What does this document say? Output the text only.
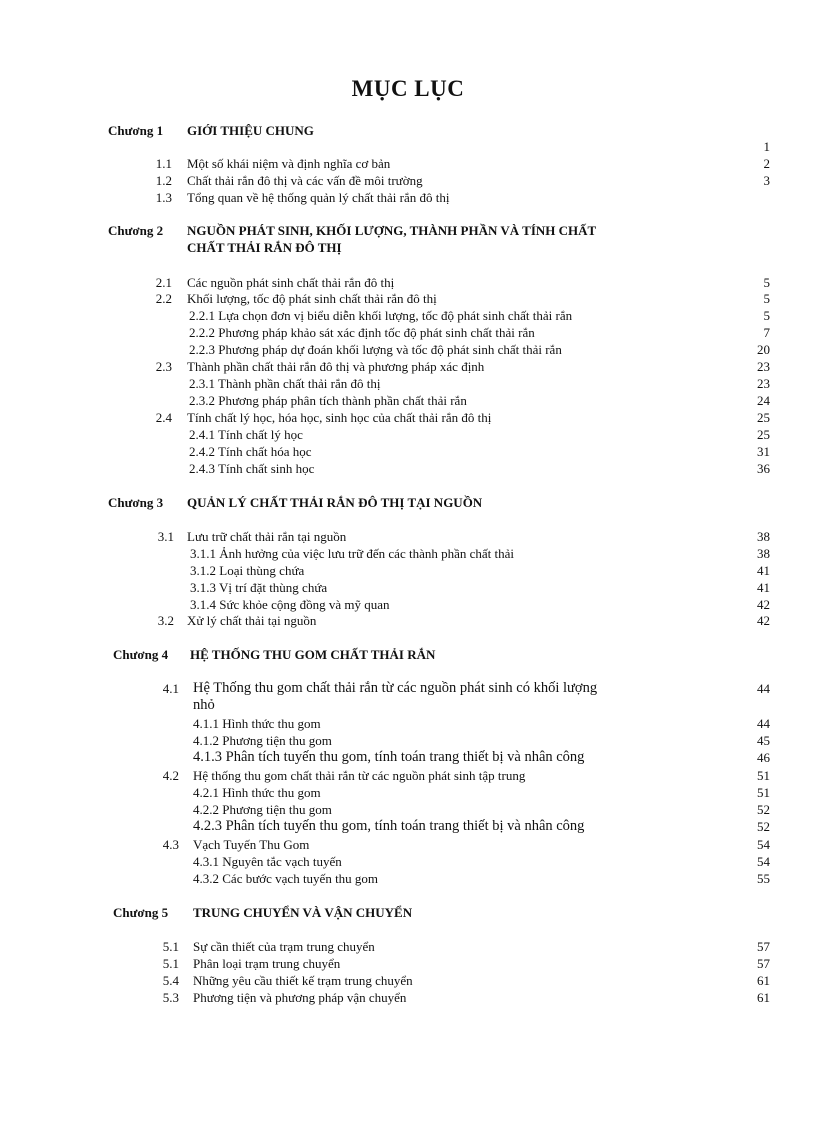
MỤC LỤC
Chương 1 GIỚI THIỆU CHUNG
1
1.1 Một số khái niệm và định nghĩa cơ bản	2
1.2 Chất thải rắn đô thị và các vấn đề môi trường	3
1.3 Tổng quan về hệ thống quản lý chất thải rắn đô thị
Chương 2 NGUỒN PHÁT SINH, KHỐI LƯỢNG, THÀNH PHẦN VÀ TÍNH CHẤT
CHẤT THẢI RẮN ĐÔ THỊ
2.1 Các nguồn phát sinh chất thải rắn đô thị	5
2.2 Khối lượng, tốc độ phát sinh chất thải rắn đô thị	5
2.2.1 Lựa chọn đơn vị biểu diễn khối lượng, tốc độ phát sinh chất thải rắn	5
2.2.2 Phương pháp khảo sát xác định tốc độ phát sinh chất thải rắn	7
2.2.3 Phương pháp dự đoán khối lượng và tốc độ phát sinh chất thải rắn	20
2.3 Thành phần chất thải rắn đô thị và phương pháp xác định	23
2.3.1 Thành phần chất thải rắn đô thị	23
2.3.2 Phương pháp phân tích thành phần chất thải rắn	24
2.4 Tính chất lý học, hóa học, sinh học của chất thải rắn đô thị	25
2.4.1 Tính chất lý học	25
2.4.2 Tính chất hóa học	31
2.4.3 Tính chất sinh học	36
Chương 3 QUẢN LÝ CHẤT THẢI RẮN ĐÔ THỊ TẠI NGUỒN
3.1 Lưu trữ chất thải rắn tại nguồn	38
3.1.1 Ảnh hưởng của việc lưu trữ đến các thành phần chất thải	38
3.1.2 Loại thùng chứa	41
3.1.3 Vị trí đặt thùng chứa	41
3.1.4 Sức khỏe cộng đồng và mỹ quan	42
3.2 Xử lý chất thải tại nguồn	42
Chương 4 HỆ THỐNG THU GOM CHẤT THẢI RẮN
4.1 Hệ Thống thu gom chất thải rắn từ các nguồn phát sinh có khối lượng	44
nhỏ
4.1.1 Hình thức thu gom	44
4.1.2 Phương tiện thu gom	45
4.1.3 Phân tích tuyến thu gom, tính toán trang thiết bị và nhân công	46
4.2 Hệ thống thu gom chất thải rắn từ các nguồn phát sinh tập trung	51
4.2.1 Hình thức thu gom	51
4.2.2 Phương tiện thu gom	52
4.2.3 Phân tích tuyến thu gom, tính toán trang thiết bị và nhân công	52
4.3 Vạch Tuyến Thu Gom	54
4.3.1 Nguyên tắc vạch tuyến	54
4.3.2 Các bước vạch tuyến thu gom	55
Chương 5 TRUNG CHUYỂN VÀ VẬN CHUYỂN
5.1 Sự cần thiết của trạm trung chuyển	57
5.1 Phân loại trạm trung chuyển	57
5.4 Những yêu cầu thiết kế trạm trung chuyển	61
5.3 Phương tiện và phương pháp vận chuyển	61
